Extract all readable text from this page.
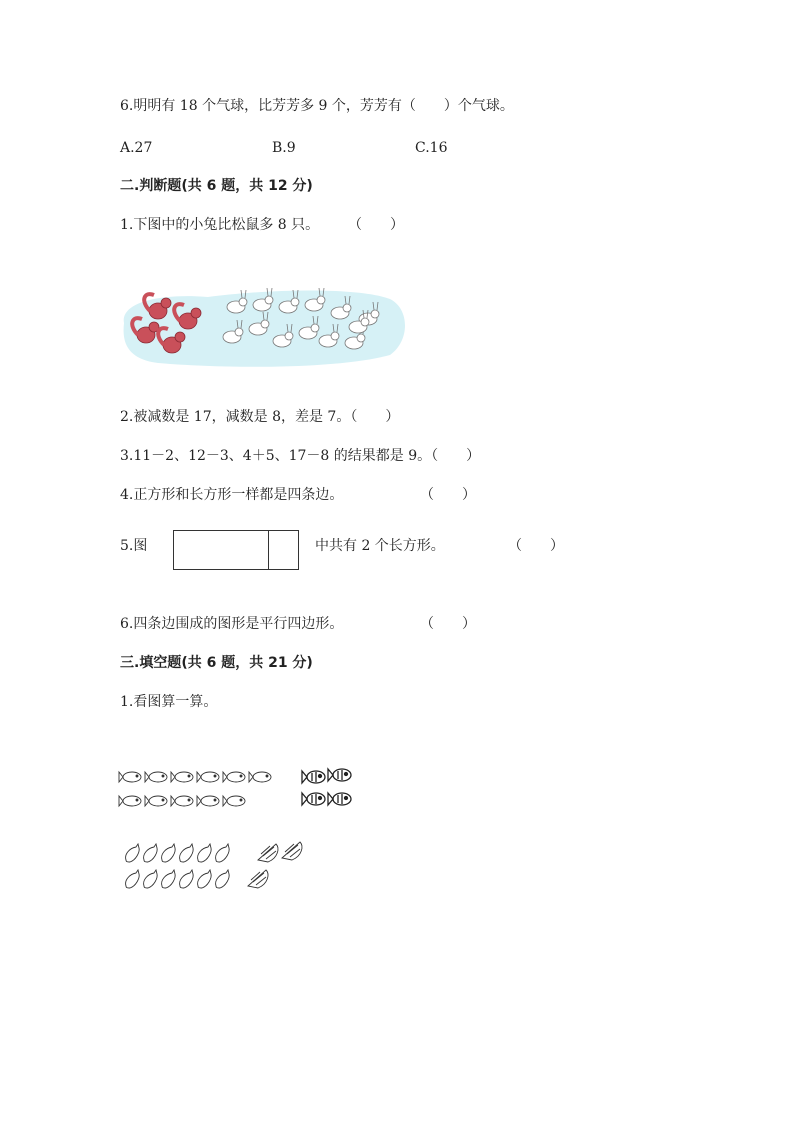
6.明明有 18 个气球，比芳芳多 9 个，芳芳有（　　）个气球。
A.27	B.9	C.16
二.判断题(共 6 题，共 12 分)
1.下图中的小兔比松鼠多 8 只。 （　　）
2.被减数是 17，减数是 8，差是 7。（　　）
3.11－2、12－3、4＋5、17－8 的结果都是 9。（　　）
4.正方形和长方形一样都是四条边。	（　　）
5.图	中共有 2 个长方形。	（　　）
6.四条边围成的图形是平行四边形。	（　　）
三.填空题(共 6 题，共 21 分)
1.看图算一算。
